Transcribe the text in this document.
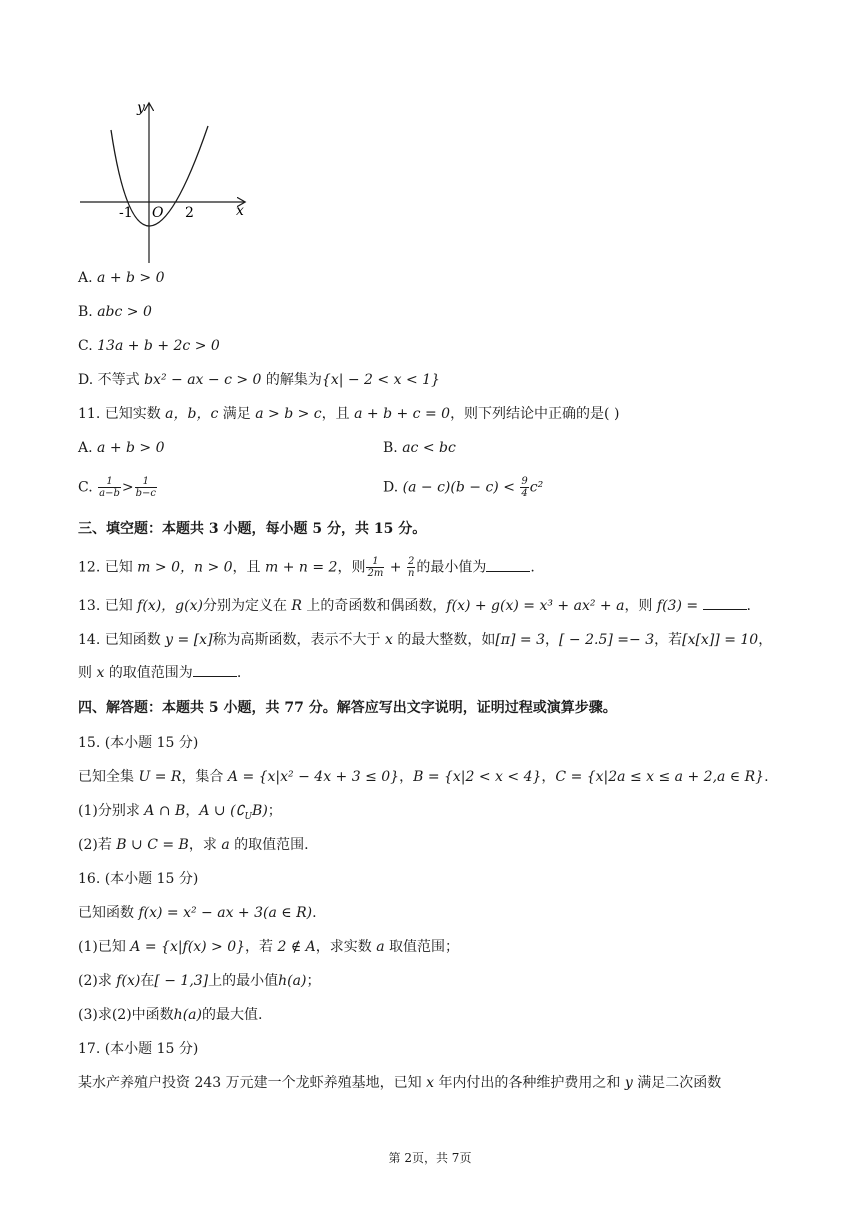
y
x
O
-1	2
A. a + b > 0
B. abc > 0
C. 13a + b + 2c > 0
D. 不等式 bx² − ax − c > 0 的解集为{x| − 2 < x < 1}
11. 已知实数 a，b，c 满足 a > b > c，且 a + b + c = 0，则下列结论中正确的是( )
A. a + b > 0	B. ac < bc
C. $\frac{1}{a-b} > \frac{1}{b-c}$	D. $(a - c)(b - c) < \frac{9}{4} c^2$
三、填空题：本题共 3 小题，每小题 5 分，共 15 分。
12. 已知 m > 0，n > 0，且 m + n = 2，则 $\frac{1}{2m} + \frac{2}{n}$ 的最小值为	.
13. 已知 f(x)，g(x)分别为定义在 R 上的奇函数和偶函数，f(x) + g(x) = x³ + ax² + a，则 f(3) =	.
14. 已知函数 y = [x]称为高斯函数，表示不大于 x 的最大整数，如[π] = 3，[ − 2.5] =− 3，若[x[x]] = 10，
则 x 的取值范围为	.
四、解答题：本题共 5 小题，共 77 分。解答应写出文字说明，证明过程或演算步骤。
15. (本小题 15 分)
已知全集 U = R，集合 A = {x|x² − 4x + 3 ≤ 0}，B = {x|2 < x < 4}，C = {x|2a ≤ x ≤ a + 2,a ∈ R}.
(1)分别求 A ∩ B，A ∪ $(∁_UB)$；
(2)若 B ∪ C = B，求 a 的取值范围.
16. (本小题 15 分)
已知函数 f(x) = x² − ax + 3(a ∈ R).
(1)已知 A = {x|f(x) > 0}，若 2 ∉ A，求实数 a 取值范围；
(2)求 f(x)在[ − 1,3]上的最小值h(a)；
(3)求(2)中函数h(a)的最大值.
17. (本小题 15 分)
某水产养殖户投资 243 万元建一个龙虾养殖基地，已知 x 年内付出的各种维护费用之和 y 满足二次函数
第 2页，共 7页
